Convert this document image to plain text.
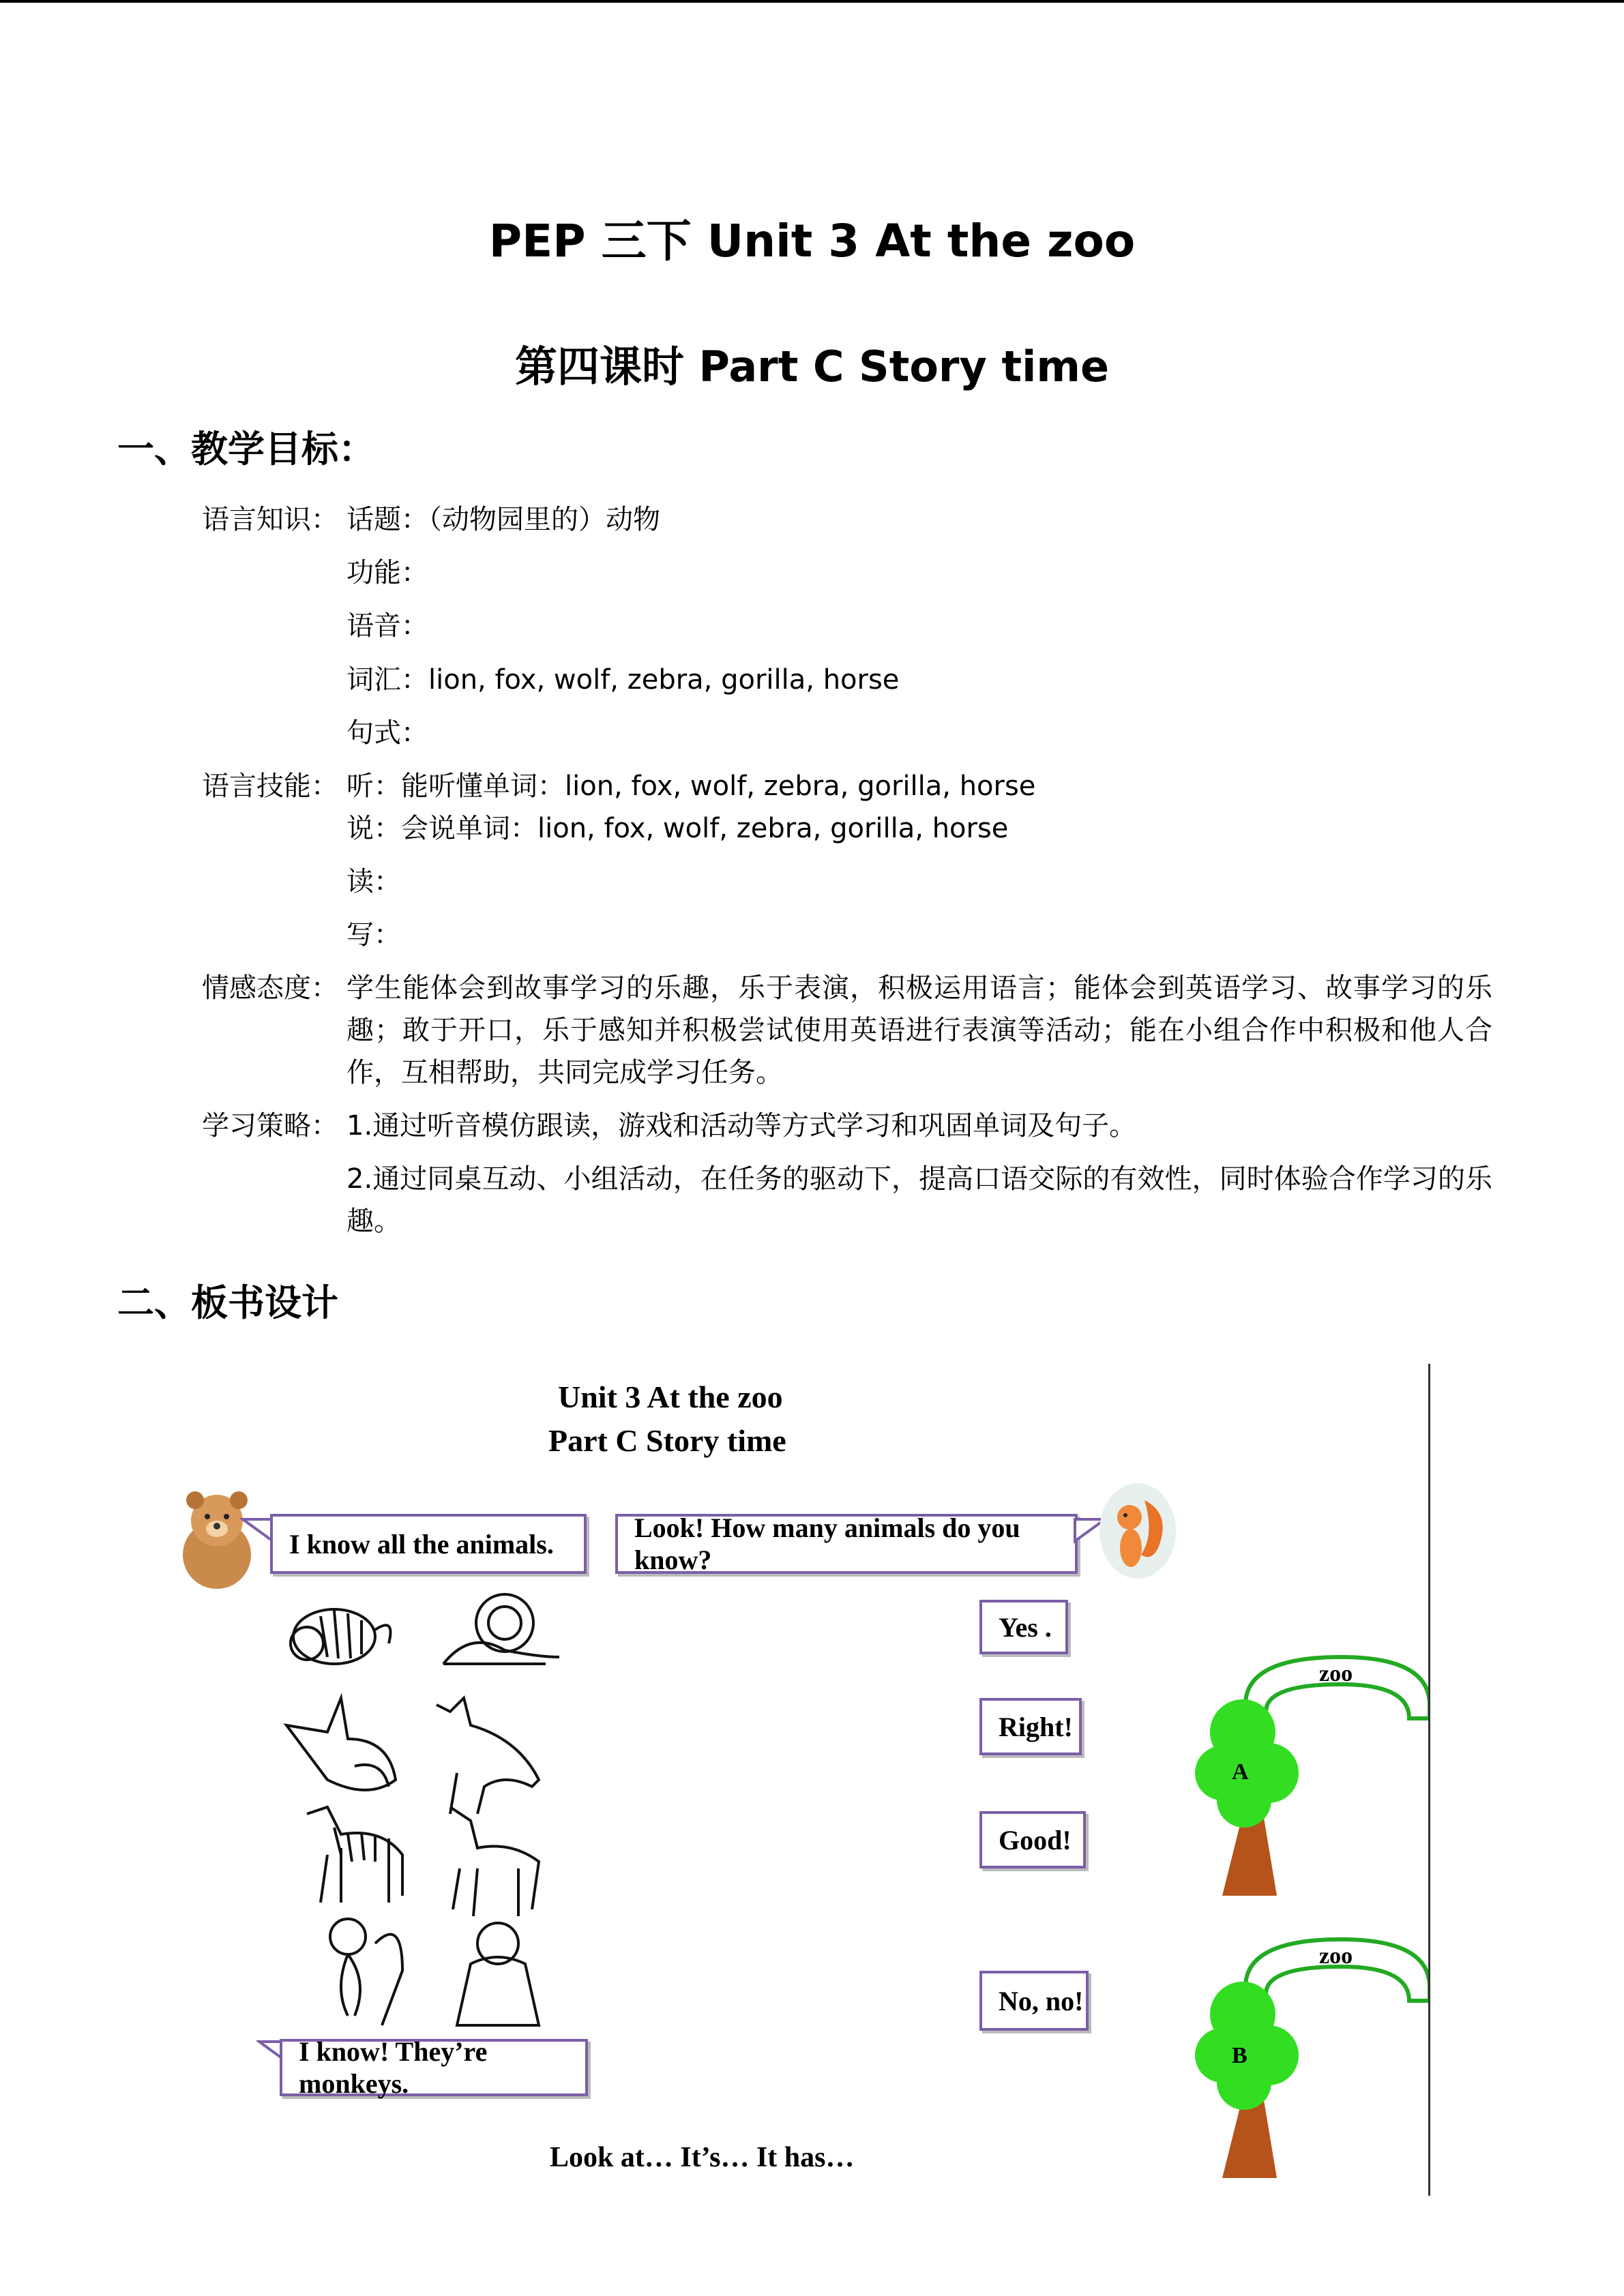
PEP 三下 Unit 3 At the zoo
第四课时 Part C Story time
一、教学目标：
语言知识： 话题：（动物园里的）动物
功能：
语音：
词汇：lion, fox, wolf, zebra, gorilla, horse
句式：
语言技能： 听：能听懂单词：lion, fox, wolf, zebra, gorilla, horse
说：会说单词：lion, fox, wolf, zebra, gorilla, horse
读：
写：
情感态度： 学生能体会到故事学习的乐趣，乐于表演，积极运用语言；能体会到英语学习、故事学习的乐趣；敢于开口，乐于感知并积极尝试使用英语进行表演等活动；能在小组合作中积极和他人合作，互相帮助，共同完成学习任务。
学习策略： 1.通过听音模仿跟读，游戏和活动等方式学习和巩固单词及句子。
2.通过同桌互动、小组活动，在任务的驱动下，提高口语交际的有效性，同时体验合作学习的乐趣。
二、板书设计
Unit 3 At the zoo
Part C Story time
I know all the animals.
Look! How many animals do you know?
I know! They’re monkeys.
Yes .
Right!
Good!
No, no!
zoo
A
zoo
B
Look at… It’s… It has…
